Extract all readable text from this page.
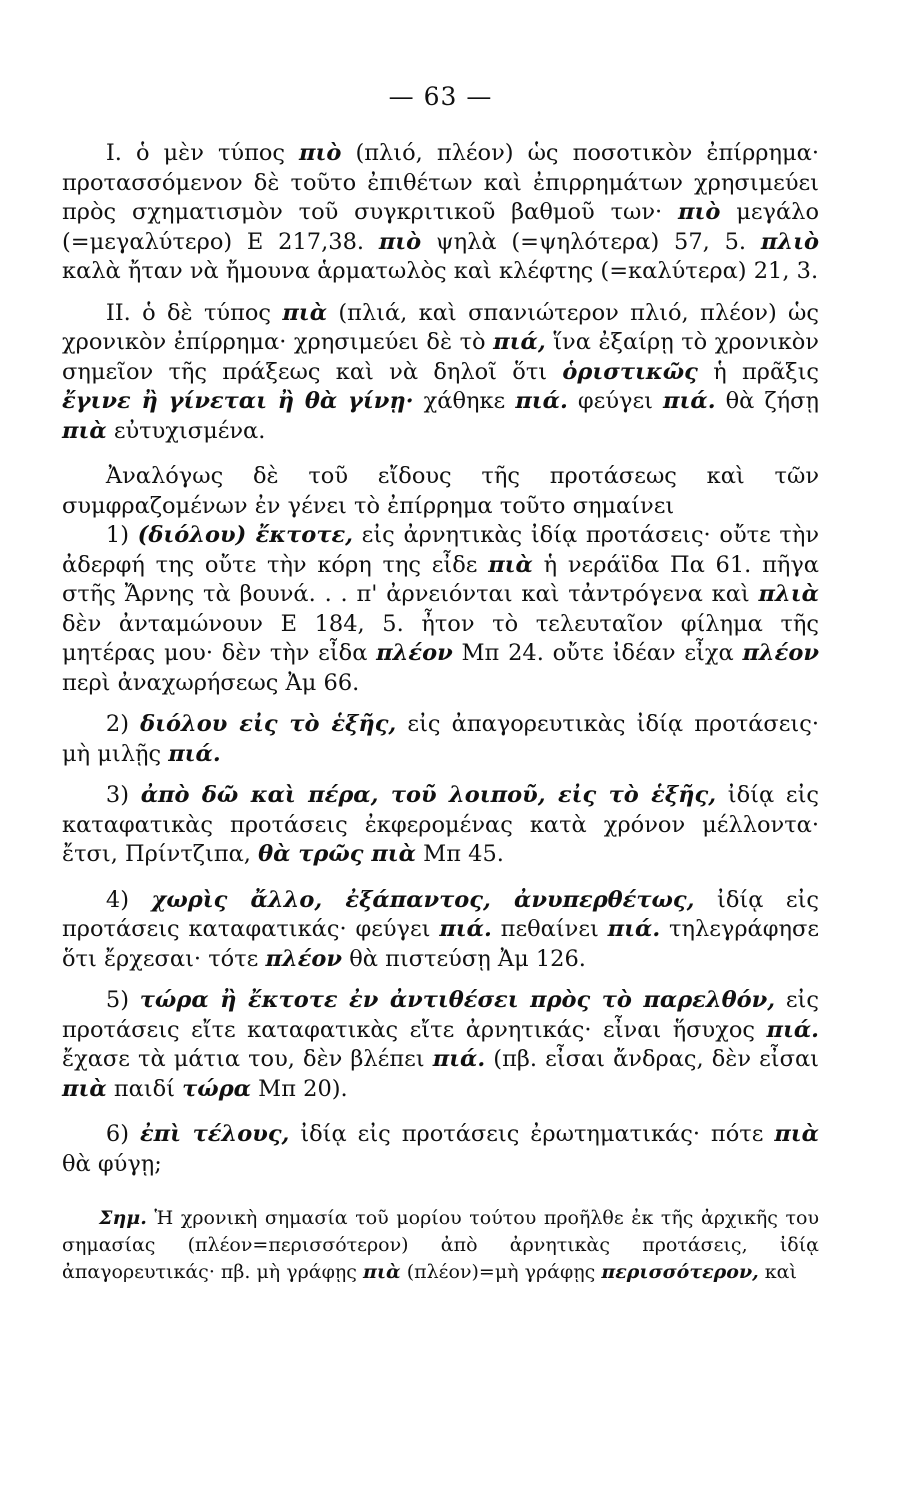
— 63 —

Ι. ὁ μὲν τύπος πιὸ (πλιό, πλέον) ὡς ποσοτικὸν ἐπίρρημα· προτασσόμενον δὲ τοῦτο ἐπιθέτων καὶ ἐπιρρημάτων χρησιμεύει πρὸς σχηματισμὸν τοῦ συγκριτικοῦ βαθμοῦ των· πιὸ μεγάλο (=μεγαλύτερο) Ε 217,38. πιὸ ψηλὰ (=ψηλότερα) 57, 5. πλιὸ καλὰ ἤταν νὰ ἤμουνα ἁρματωλὸς καὶ κλέφτης (=καλύτερα) 21, 3.

ΙΙ. ὁ δὲ τύπος πιὰ (πλιά, καὶ σπανιώτερον πλιό, πλέον) ὡς χρονικὸν ἐπίρρημα· χρησιμεύει δὲ τὸ πιά, ἵνα ἐξαίρῃ τὸ χρονικὸν σημεῖον τῆς πράξεως καὶ νὰ δηλοῖ ὅτι ὁριστικῶς ἡ πρᾶξις ἔγινε ἢ γίνεται ἢ θὰ γίνῃ· χάθηκε πιά. φεύγει πιά. θὰ ζήσῃ πιὰ εὐτυχισμένα.

Ἀναλόγως δὲ τοῦ εἴδους τῆς προτάσεως καὶ τῶν συμφραζομένων ἐν γένει τὸ ἐπίρρημα τοῦτο σημαίνει

1) (διόλου) ἔκτοτε, εἰς ἀρνητικὰς ἰδίᾳ προτάσεις· οὔτε τὴν ἀδερφή της οὔτε τὴν κόρη της εἶδε πιὰ ἡ νεράϊδα Πα 61. πῆγα στῆς Ἄρνης τὰ βουνά. . . π' ἀρνειόνται καὶ τἀντρόγενα καὶ πλιὰ δὲν ἀνταμώνουν Ε 184, 5. ἦτον τὸ τελευταῖον φίλημα τῆς μητέρας μου· δὲν τὴν εἶδα πλέον Μπ 24. οὔτε ἰδέαν εἶχα πλέον περὶ ἀναχωρήσεως Ἀμ 66.

2) διόλου εἰς τὸ ἑξῆς, εἰς ἀπαγορευτικὰς ἰδίᾳ προτάσεις· μὴ μιλῇς πιά.

3) ἀπὸ δῶ καὶ πέρα, τοῦ λοιποῦ, εἰς τὸ ἑξῆς, ἰδίᾳ εἰς καταφατικὰς προτάσεις ἐκφερομένας κατὰ χρόνον μέλλοντα· ἔτσι, Πρίντζιπα, θὰ τρῶς πιὰ Μπ 45.

4) χωρὶς ἄλλο, ἐξάπαντος, ἀνυπερθέτως, ἰδίᾳ εἰς προτάσεις καταφατικάς· φεύγει πιά. πεθαίνει πιά. τηλεγράφησε ὅτι ἔρχεσαι· τότε πλέον θὰ πιστεύσῃ Ἀμ 126.

5) τώρα ἢ ἔκτοτε ἐν ἀντιθέσει πρὸς τὸ παρελθόν, εἰς προτάσεις εἴτε καταφατικὰς εἴτε ἀρνητικάς· εἶναι ἥσυχος πιά. ἔχασε τὰ μάτια του, δὲν βλέπει πιά. (πβ. εἶσαι ἄνδρας, δὲν εἶσαι πιὰ παιδί τώρα Μπ 20).

6) ἐπὶ τέλους, ἰδίᾳ εἰς προτάσεις ἐρωτηματικάς· πότε πιὰ θὰ φύγῃ;

Σημ. Ἡ χρονικὴ σημασία τοῦ μορίου τούτου προῆλθε ἐκ τῆς ἀρχικῆς του σημασίας (πλέον=περισσότερον) ἀπὸ ἀρνητικὰς προτάσεις, ἰδίᾳ ἀπαγορευτικάς· πβ. μὴ γράφῃς πιὰ (πλέον)=μὴ γράφῃς περισσότερον, καὶ
